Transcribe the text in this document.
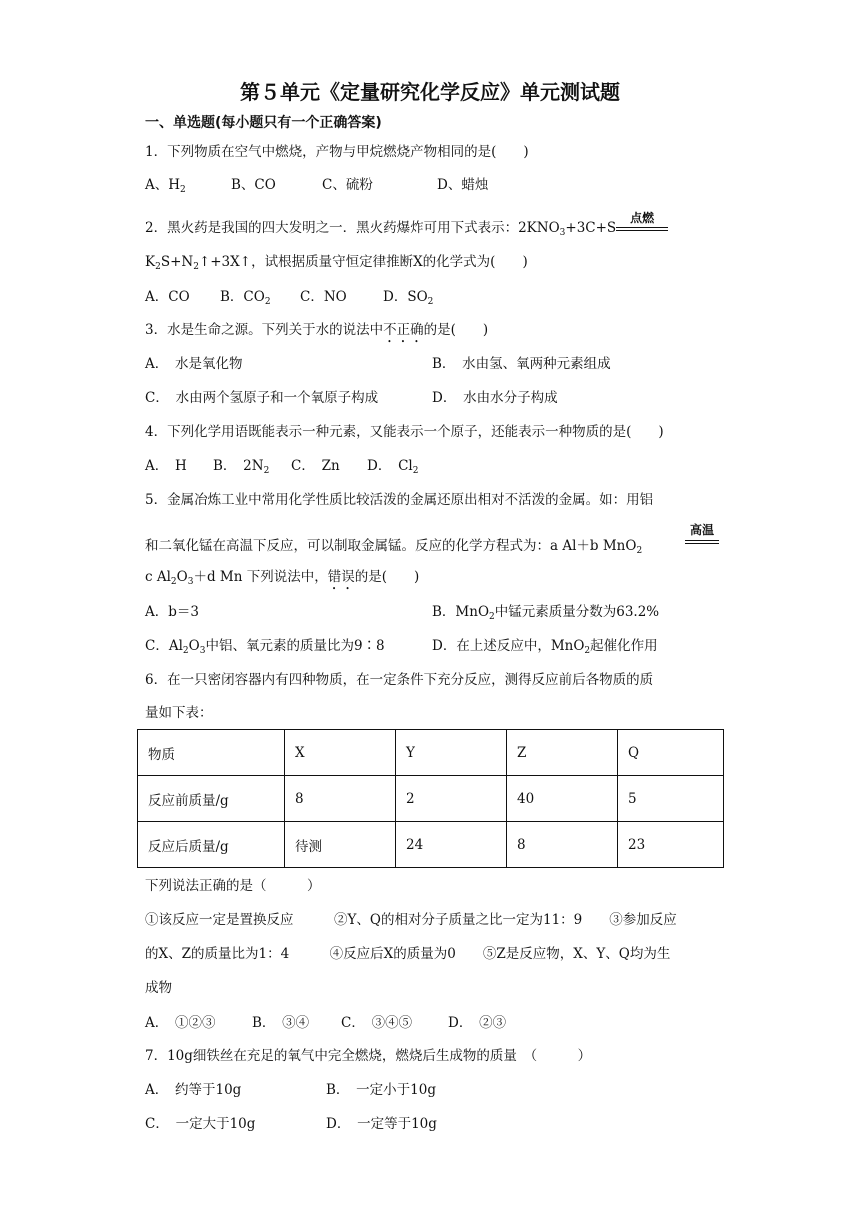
第５单元《定量研究化学反应》单元测试题
一、单选题(每小题只有一个正确答案)
1．下列物质在空气中燃烧，产物与甲烷燃烧产物相同的是(　　)
A、$H_2$	B、CO	C、硫粉	D、蜡烛
2．黑火药是我国的四大发明之一．黑火药爆炸可用下式表示：$2KNO_3+3C+S$
点燃
$K_2S+N_2↑+3X↑$，试根据质量守恒定律推断X的化学式为(　　)
A．CO B．$CO_2$ C．NO	D．$SO_2$
3．水是生命之源。下列关于水的说法中不正确的是(　　)
A．　水是氧化物	B．　水由氢、氧两种元素组成
C．　水由两个氢原子和一个氧原子构成	D．　水由水分子构成
4．下列化学用语既能表示一种元素，又能表示一个原子，还能表示一种物质的是(　　)
A．　H B．　$2N_2$ C．　Zn D．　$Cl_2$
5．金属冶炼工业中常用化学性质比较活泼的金属还原出相对不活泼的金属。如：用铝
和二氧化锰在高温下反应，可以制取金属锰。反应的化学方程式为：a Al＋b MnO$_2$
高温
c $Al_2O_3+d$ Mn 下列说法中，错误的是(　　)
A．b＝3	B．MnO$_2$中锰元素质量分数为63.2%
C．$Al_2O_3$中铝、氧元素的质量比为9∶8	D．在上述反应中，MnO$_2$起催化作用
6．在一只密闭容器内有四种物质，在一定条件下充分反应，测得反应前后各物质的质
量如下表：
物质	X	Y	Z	Q
反应前质量/g	8	2	40	5
反应后质量/g	待测	24	8	23
下列说法正确的是（　　　）
①该反应一定是置换反应　　　②Y、Q的相对分子质量之比一定为11：9　　③参加反应
的X、Z的质量比为1：4　　　④反应后X的质量为0　　⑤Z是反应物，X、Y、Q均为生
成物
A．　①②③	B．　③④ C．　③④⑤	D．　②③
7．10g细铁丝在充足的氧气中完全燃烧，燃烧后生成物的质量　（　　　）
A．　约等于10g	B．　一定小于10g
C．　一定大于10g	D．　一定等于10g
